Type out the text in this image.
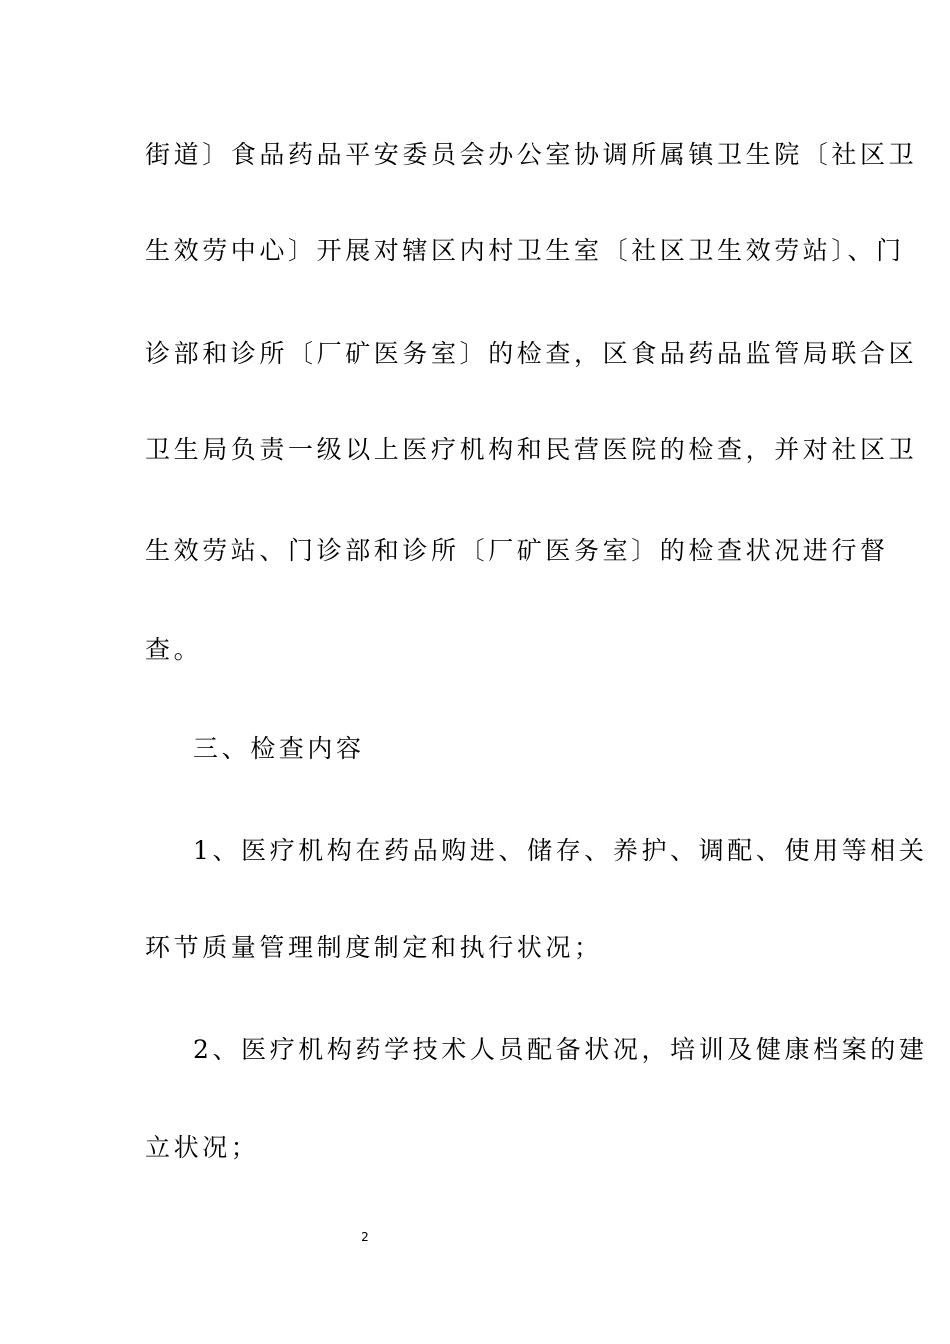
街道〕食品药品平安委员会办公室协调所属镇卫生院〔社区卫
生效劳中心〕开展对辖区内村卫生室〔社区卫生效劳站〕、门
诊部和诊所〔厂矿医务室〕的检查，区食品药品监管局联合区
卫生局负责一级以上医疗机构和民营医院的检查，并对社区卫
生效劳站、门诊部和诊所〔厂矿医务室〕的检查状况进行督
查。
三、检查内容
1、医疗机构在药品购进、储存、养护、调配、使用等相关
环节质量管理制度制定和执行状况；
2、医疗机构药学技术人员配备状况，培训及健康档案的建
立状况；
2
